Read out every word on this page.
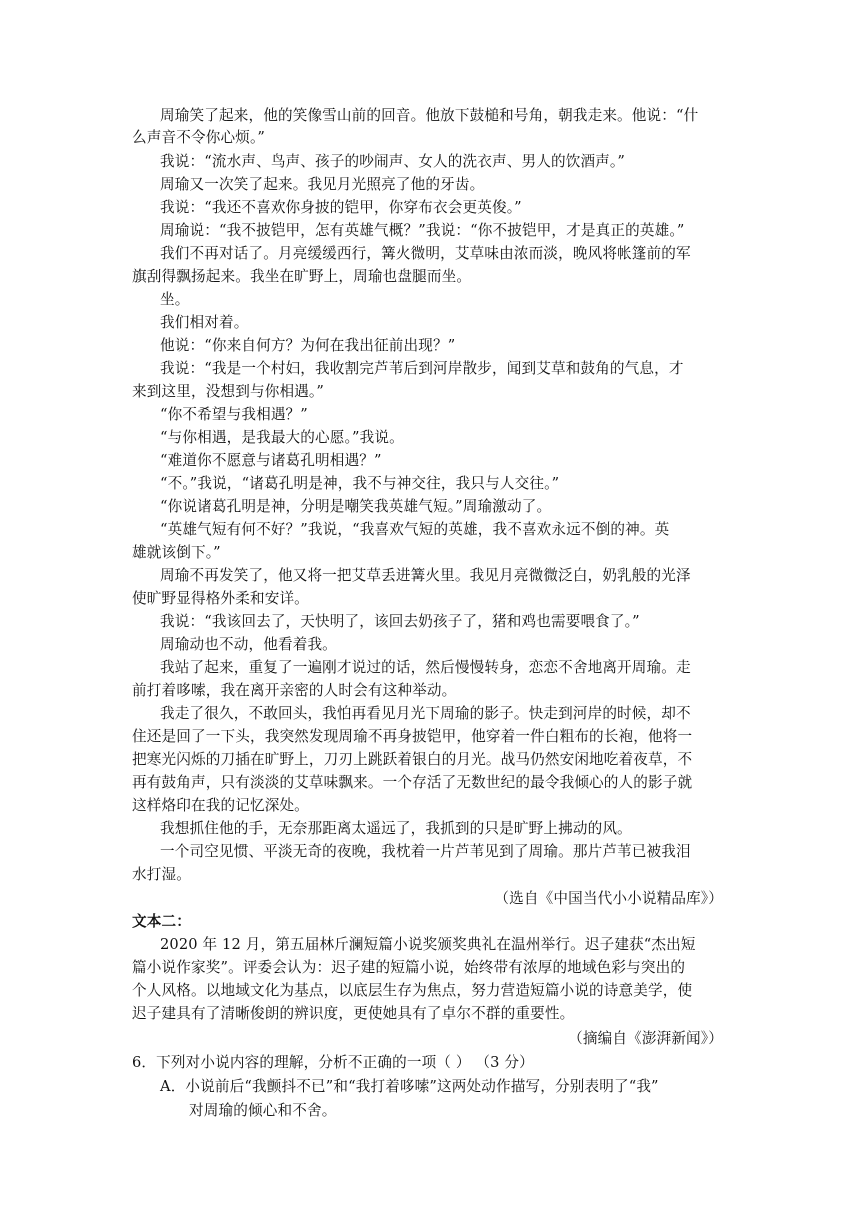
周瑜笑了起来，他的笑像雪山前的回音。他放下鼓槌和号角，朝我走来。他说：“什
么声音不令你心烦。”
我说：“流水声、鸟声、孩子的吵闹声、女人的洗衣声、男人的饮酒声。”
周瑜又一次笑了起来。我见月光照亮了他的牙齿。
我说：“我还不喜欢你身披的铠甲，你穿布衣会更英俊。”
周瑜说：“我不披铠甲，怎有英雄气概？”我说：“你不披铠甲，才是真正的英雄。”
我们不再对话了。月亮缓缓西行，篝火微明，艾草味由浓而淡，晚风将帐篷前的军
旗刮得飘扬起来。我坐在旷野上，周瑜也盘腿而坐。
坐。
我们相对着。
他说：“你来自何方？为何在我出征前出现？”
我说：“我是一个村妇，我收割完芦苇后到河岸散步，闻到艾草和鼓角的气息，才
来到这里，没想到与你相遇。”
“你不希望与我相遇？”
“与你相遇，是我最大的心愿。”我说。
“难道你不愿意与诸葛孔明相遇？”
“不。”我说，“诸葛孔明是神，我不与神交往，我只与人交往。”
“你说诸葛孔明是神，分明是嘲笑我英雄气短。”周瑜激动了。
“英雄气短有何不好？”我说，“我喜欢气短的英雄，我不喜欢永远不倒的神。英
雄就该倒下。”
周瑜不再发笑了，他又将一把艾草丢进篝火里。我见月亮微微泛白，奶乳般的光泽
使旷野显得格外柔和安详。
我说：“我该回去了，天快明了，该回去奶孩子了，猪和鸡也需要喂食了。”
周瑜动也不动，他看着我。
我站了起来，重复了一遍刚才说过的话，然后慢慢转身，恋恋不舍地离开周瑜。走
前打着哆嗦，我在离开亲密的人时会有这种举动。
我走了很久，不敢回头，我怕再看见月光下周瑜的影子。快走到河岸的时候，却不
住还是回了一下头，我突然发现周瑜不再身披铠甲，他穿着一件白粗布的长袍，他将一
把寒光闪烁的刀插在旷野上，刀刃上跳跃着银白的月光。战马仍然安闲地吃着夜草，不
再有鼓角声，只有淡淡的艾草味飘来。一个存活了无数世纪的最令我倾心的人的影子就
这样烙印在我的记忆深处。
我想抓住他的手，无奈那距离太遥远了，我抓到的只是旷野上拂动的风。
一个司空见惯、平淡无奇的夜晚，我枕着一片芦苇见到了周瑜。那片芦苇已被我泪
水打湿。
（选自《中国当代小小说精品库》）
文本二：
2020 年 12 月，第五届林斤澜短篇小说奖颁奖典礼在温州举行。迟子建获“杰出短
篇小说作家奖”。评委会认为：迟子建的短篇小说，始终带有浓厚的地域色彩与突出的
个人风格。以地域文化为基点，以底层生存为焦点，努力营造短篇小说的诗意美学，使
迟子建具有了清晰俊朗的辨识度，更使她具有了卓尔不群的重要性。
（摘编自《澎湃新闻》）
6．下列对小说内容的理解，分析不正确的一项（ ） （3 分）
A．小说前后“我颤抖不已”和“我打着哆嗦”这两处动作描写，分别表明了“我”
对周瑜的倾心和不舍。
